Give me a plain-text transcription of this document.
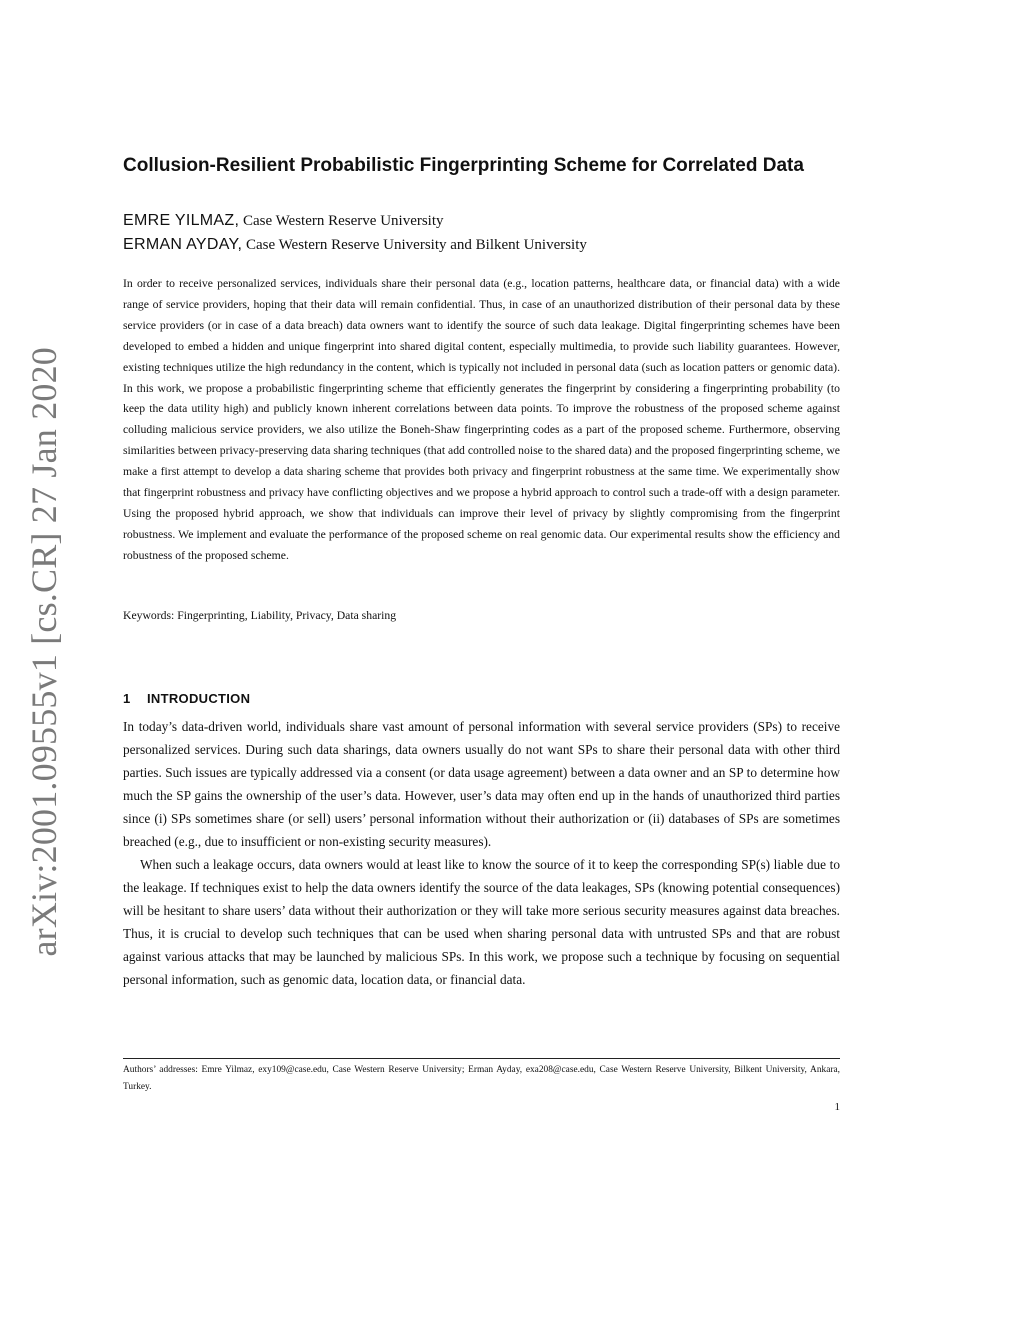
arXiv:2001.09555v1 [cs.CR] 27 Jan 2020
Collusion-Resilient Probabilistic Fingerprinting Scheme for Correlated Data
EMRE YILMAZ, Case Western Reserve University
ERMAN AYDAY, Case Western Reserve University and Bilkent University

In order to receive personalized services, individuals share their personal data (e.g., location patterns, healthcare data, or financial data) with a wide range of service providers, hoping that their data will remain confidential. Thus, in case of an unauthorized distribution of their personal data by these service providers (or in case of a data breach) data owners want to identify the source of such data leakage. Digital fingerprinting schemes have been developed to embed a hidden and unique fingerprint into shared digital content, especially multimedia, to provide such liability guarantees. However, existing techniques utilize the high redundancy in the content, which is typically not included in personal data (such as location patters or genomic data). In this work, we propose a probabilistic fingerprinting scheme that efficiently generates the fingerprint by considering a fingerprinting probability (to keep the data utility high) and publicly known inherent correlations between data points. To improve the robustness of the proposed scheme against colluding malicious service providers, we also utilize the Boneh-Shaw fingerprinting codes as a part of the proposed scheme. Furthermore, observing similarities between privacy-preserving data sharing techniques (that add controlled noise to the shared data) and the proposed fingerprinting scheme, we make a first attempt to develop a data sharing scheme that provides both privacy and fingerprint robustness at the same time. We experimentally show that fingerprint robustness and privacy have conflicting objectives and we propose a hybrid approach to control such a trade-off with a design parameter. Using the proposed hybrid approach, we show that individuals can improve their level of privacy by slightly compromising from the fingerprint robustness. We implement and evaluate the performance of the proposed scheme on real genomic data. Our experimental results show the efficiency and robustness of the proposed scheme.

Keywords: Fingerprinting, Liability, Privacy, Data sharing

1 INTRODUCTION

In today’s data-driven world, individuals share vast amount of personal information with several service providers (SPs) to receive personalized services. During such data sharings, data owners usually do not want SPs to share their personal data with other third parties. Such issues are typically addressed via a consent (or data usage agreement) between a data owner and an SP to determine how much the SP gains the ownership of the user’s data. However, user’s data may often end up in the hands of unauthorized third parties since (i) SPs sometimes share (or sell) users’ personal information without their authorization or (ii) databases of SPs are sometimes breached (e.g., due to insufficient or non-existing security measures).

When such a leakage occurs, data owners would at least like to know the source of it to keep the corresponding SP(s) liable due to the leakage. If techniques exist to help the data owners identify the source of the data leakages, SPs (knowing potential consequences) will be hesitant to share users’ data without their authorization or they will take more serious security measures against data breaches. Thus, it is crucial to develop such techniques that can be used when sharing personal data with untrusted SPs and that are robust against various attacks that may be launched by malicious SPs. In this work, we propose such a technique by focusing on sequential personal information, such as genomic data, location data, or financial data.

Authors’ addresses: Emre Yilmaz, exy109@case.edu, Case Western Reserve University; Erman Ayday, exa208@case.edu, Case Western Reserve University, Bilkent University, Ankara, Turkey.

1
